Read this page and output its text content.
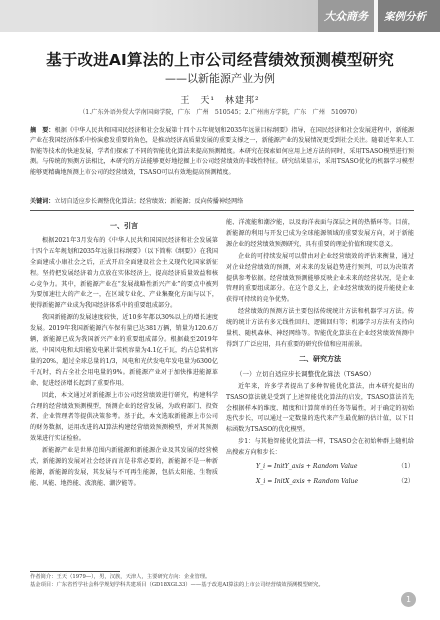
大众商务	案例分析
基于改进AI算法的上市公司经营绩效预测模型研究
——以新能源产业为例
王　天¹　林建邦²
（1.广东外语外贸大学南国商学院，广东　广州　510545；2.广州南方学院，广东　广州　510970）
摘　要：根据《中华人民共和国国民经济和社会发展第十四个五年规划和2035年远景目标纲要》指导，在国民经济和社会发展进程中，新能源产业在我国经济体系中扮演愈发重要的角色，是推动经济高质量发展的重要支撑之一，新能源产业的发展情况更受到社会关注。随着近年来人工智能等技术的快速发展，学者们探索了不同的智能优化算法来提高预测精度。本研究在探索如何应用上述方法的同时，采用TSASO模型进行预测。与传统的预测方法相比，本研究的方法能够更好地挖掘上市公司经营绩效的非线性特征。研究结果显示，采用TSASO优化的机器学习模型能够更精确地预测上市公司的经营绩效，TSASO可以有效地提高预测精度。
关键词：立切自适应步长调整优化算法；经营绩效；新能源；反向传播神经网络
一、引言

根据2021年3月发布的《中华人民共和国国民经济和社会发展第十四个五年规划和2035年远景目标纲要》（以下简称《纲要》）在我国全面建成小康社会之后，正式开启全面建设社会主义现代化国家新征程。坚持把发展经济着力点放在实体经济上，提高经济质量效益和核心竞争力。其中，新能源产业在“发展战略性新兴产业”的要点中被列为要加速壮大的产业之一，在区域专业化、产业集聚化方面与以下，使得新能源产业成为我国经济体系中的重要组成部分。

我国新能源的发展速度较快，近10多年都以30%以上的增长速度发展。2019年我国新能源汽车保有量已达381万辆，销量为120.6万辆，新能源已成为我国新兴产业的重要组成部分。根据截至2019年底，中国风电和太阳能发电累计装机容量为4.1亿千瓦，约占总装机容量的20%，超过全球总量的1/3，风电和光伏发电年发电量为6300亿千瓦时，约占全社会用电量的9%。新能源产业对于加快推进能源革命、促进经济增长起到了重要作用。

因此，本文通过对新能源上市公司经营绩效进行研究，构建科学合理的经营绩效预测模型，预测企业的经营发展，为政府部门、投资者、企业管理者等提供决策参考。基于此，本文选取新能源上市公司的财务数据，运用改进的AI算法构建经营绩效预测模型，并对其预测效果进行实证检验。

新能源产业是世界范围内新能源和新能源企业及其发展的经营模式，新能源的发展对社会经济而言是非常必要的，新能源不是一种新能源，新能源的发展，其发展与不可再生能源，包括太阳能、生物质能、风能、地热能、波浪能、潮汐能等。

能、洋流能和潮汐能，以及海洋表面与深层之间的热循环等。目前，新能源的利用与开发已成为全球能源领域的重要发展方向，对于新能源企业的经营绩效预测研究，具有重要的理论价值和现实意义。

企业的可持续发展可以借由对企业经营绩效的评估来衡量，通过对企业经营绩效的预测，对未来的发展趋势进行预判，可以为决策者提供参考依据。经营绩效预测能够反映企业未来的经营状况，是企业管理的重要组成部分。在这个意义上，企业经营绩效的提升能使企业获得可持续的竞争优势。

经营绩效的预测方法主要包括传统统计方法和机器学习方法。传统的统计方法有多元线性回归、逻辑回归等；机器学习方法有支持向量机、随机森林、神经网络等。智能优化算法在企业经营绩效预测中得到了广泛应用，具有重要的研究价值和应用前景。

二、研究方法
（一）立切自适应步长调整优化算法（TSASO）

近年来，许多学者提出了多种智能优化算法，由本研究提出的TSASO算法就是受到了上述智能优化算法的启发，TSASO算法首先会根据样本的维度、精度和计算简单的任务等属性，对于确定的初始迭代步长，可以通过一定数量的迭代来产生最优解的估计值，以下目标函数为TSASO的优化模型。

步1：与其他智能优化算法一样，TSASO会在初始种群上随机给出搜索方向和步长：

Y_i = InitY_axis + Random Value	（1）
X_i = InitX_axis + Random Value	（2）
作者简介：王天（1979—），男，汉族，天津人，主要研究方向：企业管理。
基金项目：广东省哲学社会科学规划学科共建项目（GD18XGL33）——基于改进AI算法的上市公司经营绩效预测模型研究。
1
